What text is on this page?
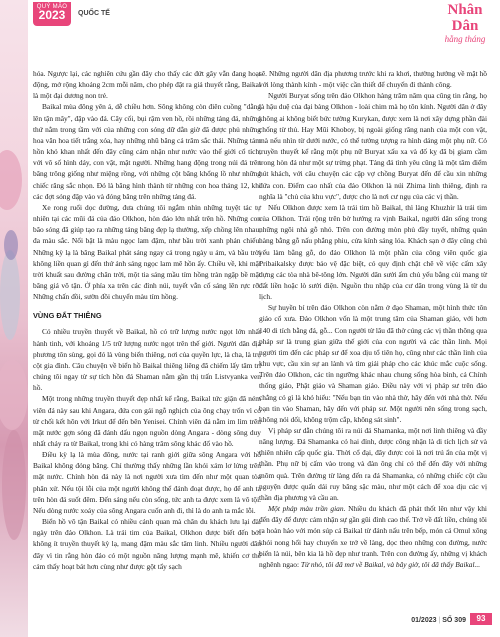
QUÝ MÃO
2023	QUỐC TẾ	Nhân Dân
hằng tháng

hóa. Ngược lại, các nghiên cứu gần đây cho thấy các đứt gãy vẫn đang hoạt động, mở rộng khoảng 2cm mỗi năm, cho phép đặt ra giả thuyết rằng, Baikal là một đại dương non trẻ.

Baikal mùa đông yên ả, dễ chiều hơn. Sông không còn điên cuồng "dằng lên tận mây", đập vào đá. Cây cối, bụi rậm ven hồ, rồi những tảng đá, những thứ nằm trong tầm với của những con sóng dữ dằn giờ đã được phủ những hoa văn hoa tiết trắng xóa, hay những nhũ băng cả trăm sắc thái. Những tảm hồn khó khan nhất đến đây cũng cảm nhận như nước vào thế giới cổ tích, với vô số hình dáy, con vật, mặt người. Những hang động trong núi đá trên băng trông giống như miệng rồng, với những cột băng khổng lồ như những chiếc răng sắc nhọn. Đó là băng hình thành từ những con hoa tháng 12, khi các đợt sóng đập vào và đóng băng trên những tảng đá.

Xe rong ruổi dọc đường, đưa chúng tôi ngắm nhìn những tuyệt tác tự nhiên tại các mũi đá của đảo Olkhon, hòn đảo lớn nhất trên hồ. Những con bão sóng đã giúp tạo ra những tảng băng đẹp lạ thường, xếp chồng lên nhau, đa màu sắc. Nổi bật là màu ngọc lam đậm, như bầu trời xanh phản chiếu. Những kỳ lạ là băng Baikal phát sáng ngay cả trong ngày u ám, và bầu trời không liền quan gì đến thứ ánh sáng ngọc lam mê hồn ấy. Chiều về, khi mặt trời khuất sau đường chân trời, một tia sáng mầu tím hồng tràn ngập bề mặt băng giá vô tận. Ở phía xa trên các đỉnh núi, tuyết vẫn cố sáng lên rực rỡ. Những chấn đồi, sườn đồi chuyển màu tím hồng.

VÙNG ĐẤT THIÊNG

Có nhiều truyền thuyết về Baikal, hồ có trữ lượng nước ngọt lớn nhất hành tinh, với khoảng 1/5 trữ lượng nước ngọt trên thế giới. Người dân địa phương tôn sùng, gọi đó là vùng biển thiêng, nơi của quyền lực, là cha, là trụ cột gia đình. Câu chuyện về biển hồ Baikal thiêng liêng đã chiếm lấy tâm trí chúng tôi ngay từ sự tích hồn đá Shaman nằm gần thị trấn Listvyanka ven hồ.

Một trong những truyền thuyết đẹp nhất kể rằng, Baikal tức giận đã ném viên đá này sau khi Angara, đứa con gái ngỗ nghịch của ông chạy trốn vì có từ chối kết hôn với Irkut để đến bên Yenisei. Chính viên đá nằm im lìm trên mặt nước gợn sóng đã đánh dấu ngọn nguồn dòng Angara - dòng sông duy nhất chảy ra từ Baikal, trong khi có hàng trăm sông khác đổ vào hồ.

Điều kỳ lạ là mùa đông, nước tại ranh giới giữa sông Angara với hồ Baikal không đóng băng. Chỉ thường thấy những lần khói xám lơ lửng trên mặt nước. Chính hòn đá này là nơi người xưa tìm đến như một quan tòa phân xử. Nếu tội lỗi của một người không thể đánh đoạt được, họ để anh ta trên hòn đá suốt đêm. Đến sáng nếu còn sống, tức anh ta được xem là vô tội. Nếu dòng nước xoáy của sông Angara cuốn anh đi, thì là do anh ta mắc lỗi.

Biển hồ vô tận Baikal có nhiều cảnh quan mà chân du khách lưu lại đài ngày trên đảo Olkhon. Là trái tim của Baikal, Olkhon được biết đến bởi không ít truyền thuyết kỳ lạ, mang đậm màu sắc tâm linh. Nhiều người dân đây vì tin rằng hòn đảo có một nguồn năng lượng mạnh mẽ, khiến cơ thể cảm thấy hoạt bát hơn cùng như được gột tẩy sạch

sẽ. Những người dân địa phương trước khi ra khơi, thường hướng về mặt hồ với lòng thành kính - một việc cần thiết để chuyến đi thành công.

Người Buryat sống trên đảo Olkhon hàng trăm năm qua cũng tin rằng, họ là hậu duệ của đại bàng Olkhon - loài chim mà họ tôn kính. Người dân ở đây không ai không biết bức tường Kurykan, được xem là nơi xây dựng phần đài chống từ thủ. Hay Mũi Khoboy, bị ngoài giống răng nanh của một con vật, mà nếu nhìn từ dưới nước, có thể tưởng tượng ra hình dáng một phụ nữ. Có truyền thuyết kể rằng một phụ nữ Buryat xấu xa và đố kỵ đã bị giam cầm trong hòn đá như một sự trừng phạt. Tảng đá tình yêu cũng là một tâm điểm hút khách, với câu chuyện các cặp vợ chồng Buryat đến để cầu xin những đứa con. Điểm cao nhất của đảo Olkhon là núi Zhima linh thiêng, định ra nghĩa là "chủ của khu vực", được cho là nơi cư ngụ của các vị thần.

Nếu Olkhon được xem là trái tim hồ Baikal, thì làng Khuzhir là trái tim của Olkhon. Trải rộng trên bờ hướng ra vịnh Baikal, người dân sống trong những ngôi nhà gỗ nhỏ. Trên con đường mòn phủ đầy tuyết, những quán hàng bằng gỗ nấu phẳng phiu, cửa kính sáng lóa. Khách sạn ở đây cũng chủ yếu làm bằng gỗ, do đảo Olkhon là một phần của công viên quốc gia Pribaikalsky được bảo vệ đặc biệt, có quy định chặt chẽ về việc cấm xây dựng các tòa nhà bê-tông lớn. Người dân sưởi ấm chủ yếu bằng củi mang từ đất liền hoặc lò sưởi điện. Nguồn thu nhập của cư dân trong vùng là từ du lịch.

Sự huyền bí trên đảo Olkhon còn nằm ở đạo Shaman, một hình thức tôn giáo cổ xưa. Đảo Olkhon vốn là một trung tâm của Shaman giáo, với hơn 140 di tích bằng đá, gỗ... Con người từ lâu đã thờ cúng các vị thần thông qua pháp sư là trung gian giữa thế giới của con người và các thần linh. Mọi người tìm đến các pháp sư để xoa dịu tổ tiên họ, cũng như các thần linh của khu vực, cầu xin sự an lành và tìm giải pháp cho các khúc mắc cuộc sống. Trên đảo Olkhon, các tín ngưỡng khác nhau chung sống hòa bình, cả Chính thống giáo, Phật giáo và Shaman giáo. Điều này với vị pháp sư trên đảo chẳng có gì là khó hiểu: "Nếu bạn tin vào nhà thờ, hãy đến với nhà thờ. Nếu bạn tin vào Shaman, hãy đến với pháp sư. Một người nên sống trong sạch, không nói dối, không trộm cắp, không sát sinh".

Vị pháp sư dẫn chúng tôi ra núi đá Shamanka, một nơi linh thiêng và đầy năng lượng. Đá Shamanka có hai đỉnh, được công nhận là di tích lịch sử và thiên nhiên cấp quốc gia. Thời cổ đại, đây được coi là nơi trú ẩn của một vị thần. Phụ nữ bị cấm vào trong và đàn ông chỉ có thể đến đây với những mõm quà. Trên đường từ làng đến ra đá Shamanka, có những chiếc cột cầu nguyện được quấn dải ruy băng sặc màu, như một cách để xoa dịu các vị thần địa phương và cầu an.

Một pháp màu trần gian. Nhiều du khách đã phát thốt lên như vậy khi đến đây để được cảm nhận sự gần gũi đỉnh cao thế. Trở về đất liền, chúng tôi ra hoàn hảo với món súp cá Baikal từ đánh nấu trên bếp, món cá Omul xông khói nong hổi hay chuyến xe trở về làng, dọc theo những con đường, nước biển là núi, bên kia là hồ đẹp như tranh. Trên con đường ấy, những vị khách nghênh ngao: Từ nhỏ, tôi đã mơ về Baikal, và bây giờ, tôi đã thấy Baikal...

01/2023 | SỐ 309	93
